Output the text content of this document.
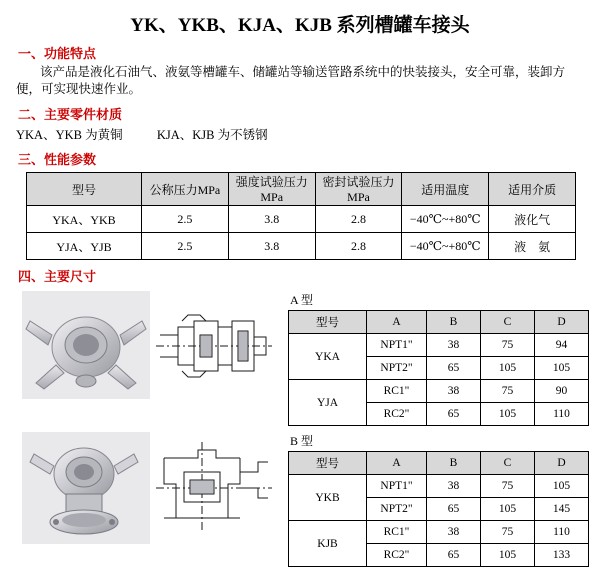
YK、YKB、KJA、KJB 系列槽罐车接头
一、功能特点
该产品是液化石油气、液氨等槽罐车、储罐站等输送管路系统中的快装接头，安全可靠，装卸方便，可实现快速作业。
二、主要零件材质
YKA、YKB 为黄铜	KJA、KJB 为不锈钢
三、性能参数
型号	公称压力MPa	强度试验压力MPa	密封试验压力MPa	适用温度	适用介质
YKA、YKB	2.5	3.8	2.8	−40℃~+80℃	液化气
YJA、YJB	2.5	3.8	2.8	−40℃~+80℃	液　氨
四、主要尺寸
A 型
型号	A	B	C	D
YKA	NPT1"	38	75	94
	NPT2"	65	105	105
YJA	RC1"	38	75	90
	RC2"	65	105	110
B 型
型号	A	B	C	D
YKB	NPT1"	38	75	105
	NPT2"	65	105	145
KJB	RC1"	38	75	110
	RC2"	65	105	133
